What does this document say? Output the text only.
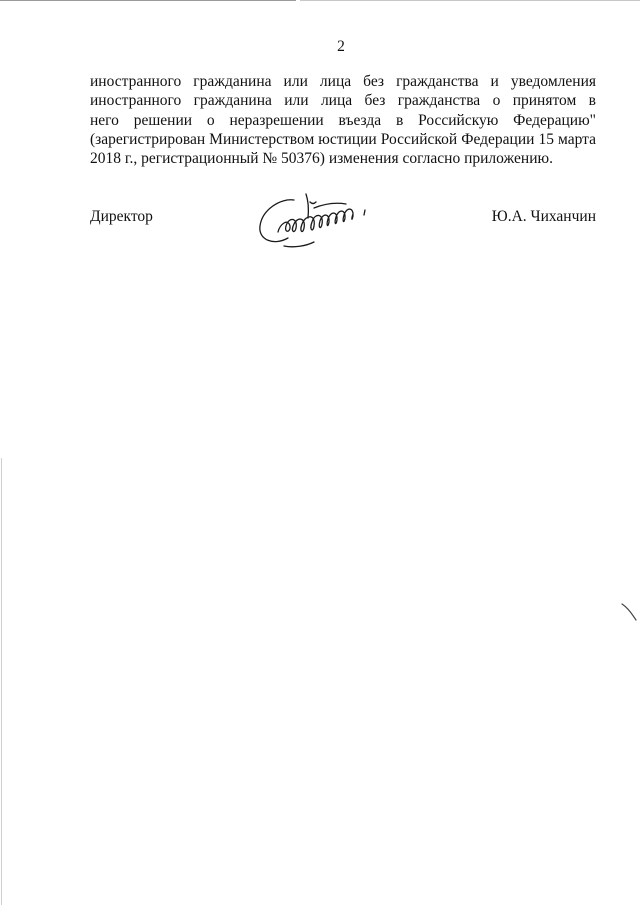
2
иностранного гражданина или лица без гражданства и уведомления
иностранного гражданина или лица без гражданства о принятом в
него решении о неразрешении въезда в Российскую Федерацию"
(зарегистрирован Министерством юстиции Российской Федерации 15 марта
2018 г., регистрационный № 50376) изменения согласно приложению.
Директор	Ю.А. Чиханчин
